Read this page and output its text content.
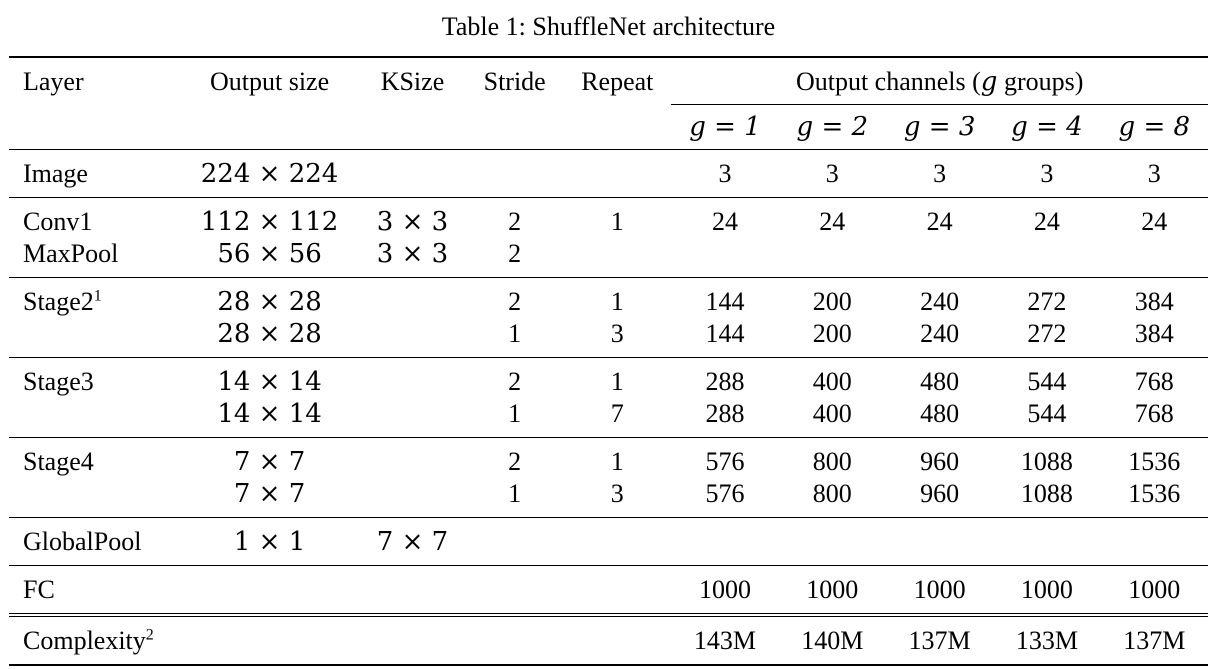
Table 1: ShuffleNet architecture
Layer	Output size	KSize	Stride	Repeat	Output channels (g groups)				
					g = 1	g = 2	g = 3	g = 4	g = 8
Image	224 × 224				3	3	3	3	3
Conv1	112 × 112	3 × 3	2	1	24	24	24	24	24
MaxPool	56 × 56	3 × 3	2						
$Stage2^1$	28 × 28		2	1	144	200	240	272	384
	28 × 28		1	3	144	200	240	272	384
Stage3	14 × 14		2	1	288	400	480	544	768
	14 × 14		1	7	288	400	480	544	768
Stage4	7 × 7		2	1	576	800	960	1088	1536
	7 × 7		1	3	576	800	960	1088	1536
GlobalPool	1 × 1	7 × 7							
FC					1000	1000	1000	1000	1000
Complexity$^2$					143M	140M	137M	133M	137M
